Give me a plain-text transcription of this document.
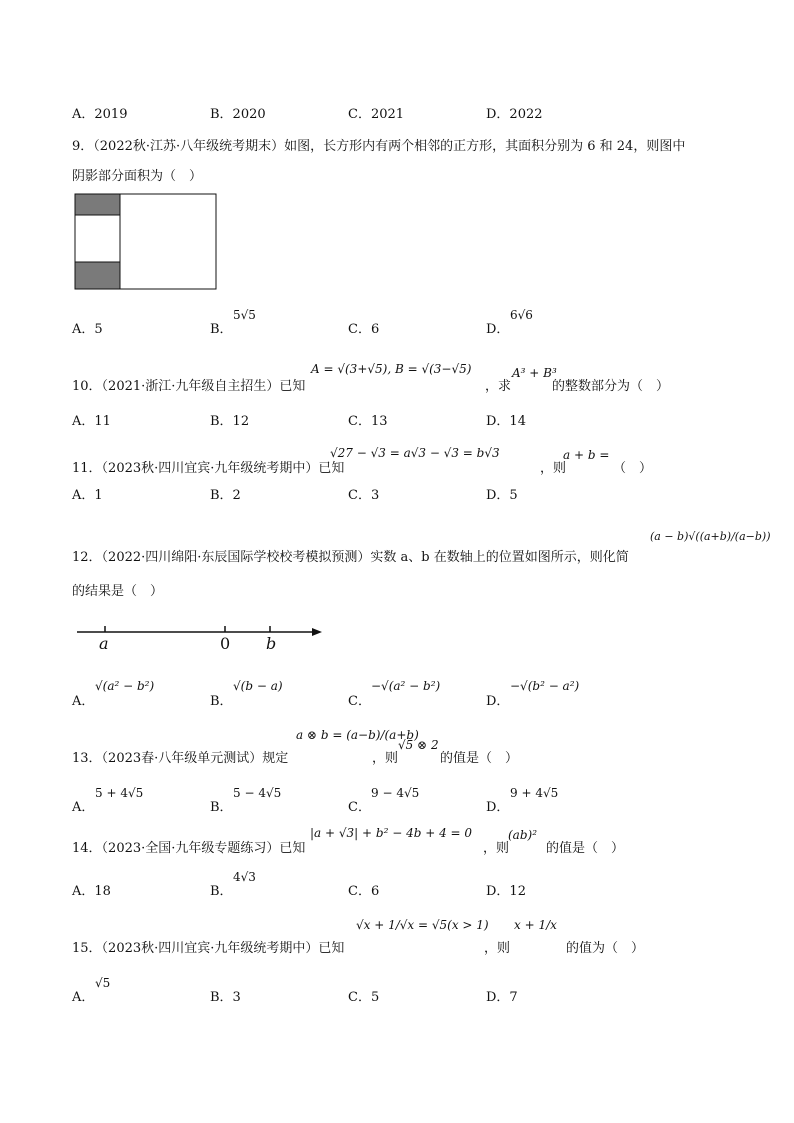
A．2019	B．2020	C．2021	D．2022
9．（2022秋·江苏·八年级统考期末）如图，长方形内有两个相邻的正方形，其面积分别为 6 和 24，则图中
阴影部分面积为（　）
A．5	B．
5√5
C．6	D．
6√6
10．（2021·浙江·九年级自主招生）已知
A = √(3+√5), B = √(3−√5)
，求
A³ + B³
的整数部分为（　）
A．11	B．12	C．13	D．14
11．（2023秋·四川宜宾·九年级统考期中）已知
√27 − √3 = a√3 − √3 = b√3
，则
a + b =
（　）
A．1	B．2	C．3	D．5
12．（2022·四川绵阳·东辰国际学校校考模拟预测）实数 a、b 在数轴上的位置如图所示，则化简
(a − b)√((a+b)/(a−b))
的结果是（　）
a	0 b
A．
√(a² − b²)
B．
√(b − a)
C．
−√(a² − b²)
D．
−√(b² − a²)
13．（2023春·八年级单元测试）规定
a ⊗ b = (a−b)/(a+b)
，则
√5 ⊗ 2
的值是（　）
A．
5 + 4√5
B．
5 − 4√5
C．
9 − 4√5
D．
9 + 4√5
14．（2023·全国·九年级专题练习）已知
|a + √3| + b² − 4b + 4 = 0
，则
(ab)²
的值是（　）
A．18	B．
4√3
C．6	D．12
15．（2023秋·四川宜宾·九年级统考期中）已知
√x + 1/√x = √5(x > 1)
，则
x + 1/x
的值为（　）
A．
√5
B．3	C．5	D．7
